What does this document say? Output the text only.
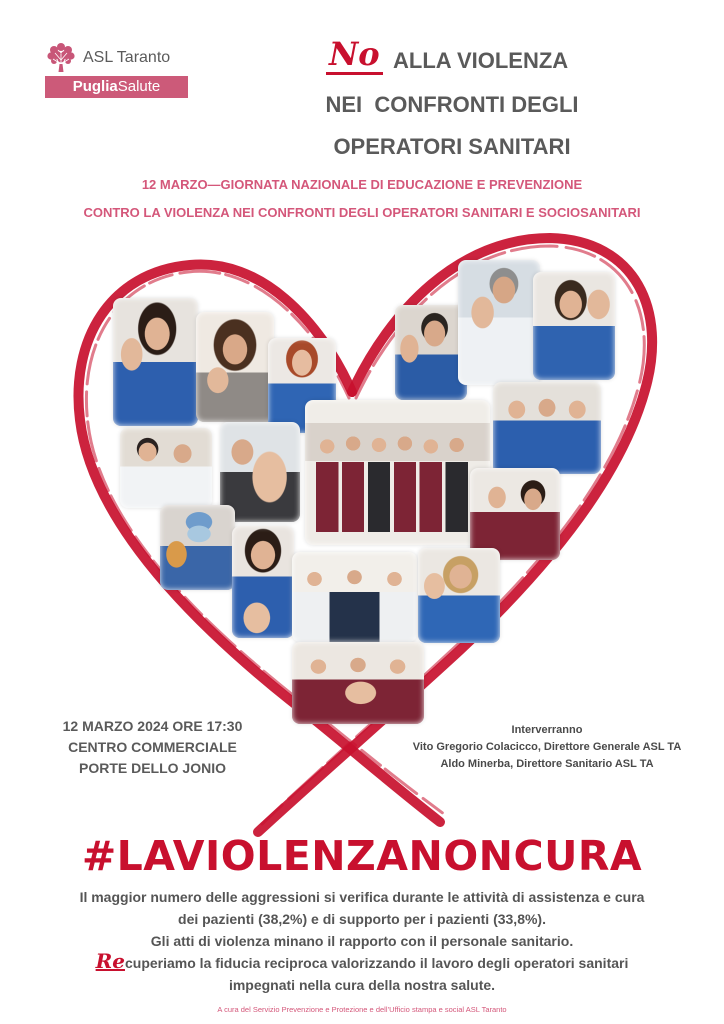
ASL Taranto
PugliaSalute
No ALLA VIOLENZA
NEI  CONFRONTI DEGLI
OPERATORI SANITARI
12 MARZO—GIORNATA NAZIONALE DI EDUCAZIONE E PREVENZIONE
CONTRO LA VIOLENZA NEI CONFRONTI DEGLI OPERATORI SANITARI E SOCIOSANITARI
12 MARZO 2024 ORE 17:30
CENTRO COMMERCIALE
PORTE DELLO JONIO
Interverranno
Vito Gregorio Colacicco, Direttore Generale ASL TA
Aldo Minerba, Direttore Sanitario ASL TA
#LAVIOLENZANONCURA
Il maggior numero delle aggressioni si verifica durante le attività di assistenza e cura
dei pazienti (38,2%) e di supporto per i pazienti (33,8%).
Gli atti di violenza minano il rapporto con il personale sanitario.
Recuperiamo la fiducia reciproca valorizzando il lavoro degli operatori sanitari
impegnati nella cura della nostra salute.
A cura del Servizio Prevenzione e Protezione e dell’Ufficio stampa e social ASL Taranto
